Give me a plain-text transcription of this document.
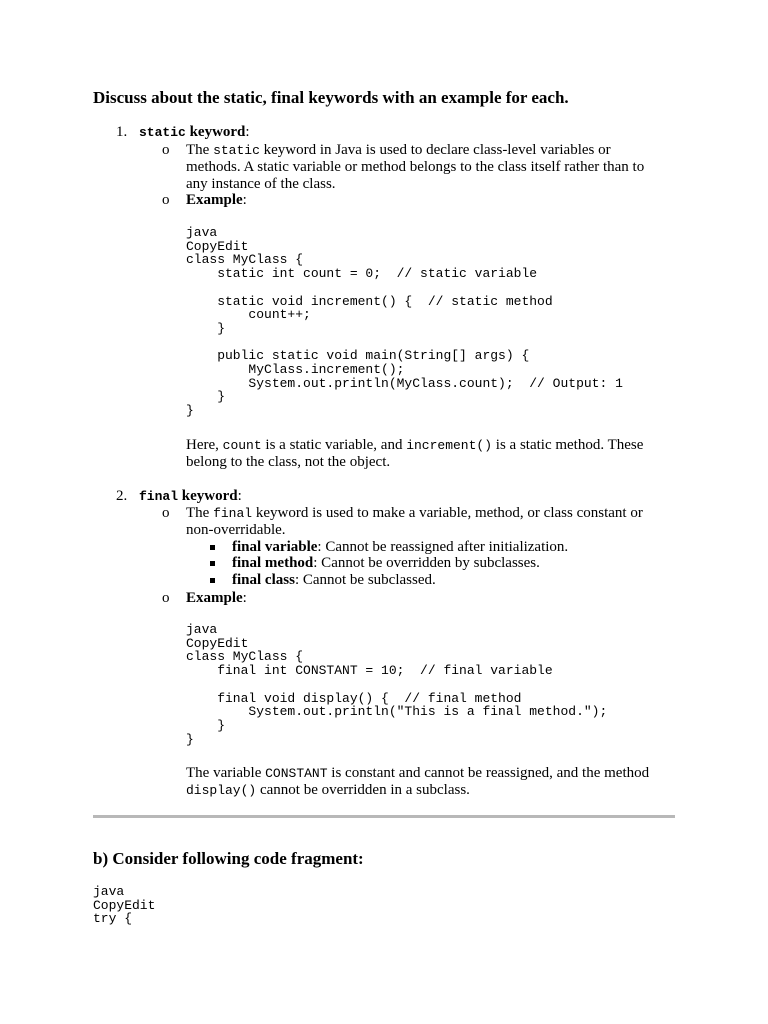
Discuss about the static, final keywords with an example for each.
1. static keyword:
o The static keyword in Java is used to declare class-level variables or
methods. A static variable or method belongs to the class itself rather than to
any instance of the class.
o Example:
java
CopyEdit
class MyClass {
static int count = 0;  // static variable

static void increment() {  // static method
count++;
}

public static void main(String[] args) {
MyClass.increment();
System.out.println(MyClass.count);  // Output: 1
}
}
Here, count is a static variable, and increment() is a static method. These
belong to the class, not the object.
2. final keyword:
o The final keyword is used to make a variable, method, or class constant or
non-overridable.
final variable: Cannot be reassigned after initialization.
final method: Cannot be overridden by subclasses.
final class: Cannot be subclassed.
o Example:
java
CopyEdit
class MyClass {
final int CONSTANT = 10;  // final variable

final void display() {  // final method
System.out.println("This is a final method.");
}
}
The variable CONSTANT is constant and cannot be reassigned, and the method
display() cannot be overridden in a subclass.
b) Consider following code fragment:
java
CopyEdit
try {
